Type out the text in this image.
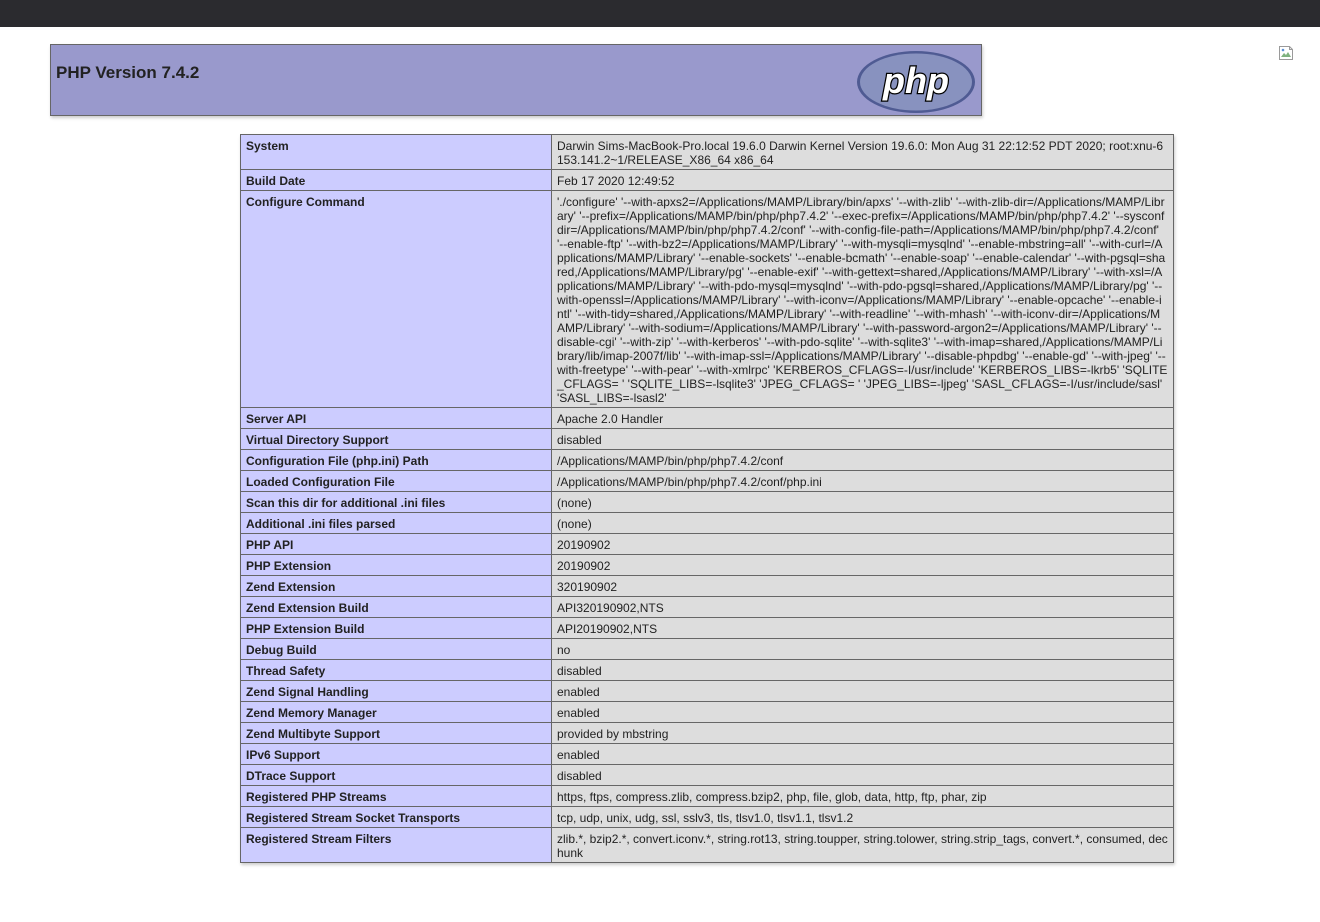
PHP Version 7.4.2	php
System	Darwin Sims-MacBook-Pro.local 19.6.0 Darwin Kernel Version 19.6.0: Mon Aug 31 22:12:52 PDT 2020; root:xnu-6153.141.2~1/RELEASE_X86_64 x86_64
Build Date	Feb 17 2020 12:49:52
Configure Command	'./configure' '--with-apxs2=/Applications/MAMP/Library/bin/apxs' '--with-zlib' '--with-zlib-dir=/Applications/MAMP/Library' '--prefix=/Applications/MAMP/bin/php/php7.4.2' '--exec-prefix=/Applications/MAMP/bin/php/php7.4.2' '--sysconfdir=/Applications/MAMP/bin/php/php7.4.2/conf' '--with-config-file-path=/Applications/MAMP/bin/php/php7.4.2/conf' '--enable-ftp' '--with-bz2=/Applications/MAMP/Library' '--with-mysqli=mysqlnd' '--enable-mbstring=all' '--with-curl=/Applications/MAMP/Library' '--enable-sockets' '--enable-bcmath' '--enable-soap' '--enable-calendar' '--with-pgsql=shared,/Applications/MAMP/Library/pg' '--enable-exif' '--with-gettext=shared,/Applications/MAMP/Library' '--with-xsl=/Applications/MAMP/Library' '--with-pdo-mysql=mysqlnd' '--with-pdo-pgsql=shared,/Applications/MAMP/Library/pg' '--with-openssl=/Applications/MAMP/Library' '--with-iconv=/Applications/MAMP/Library' '--enable-opcache' '--enable-intl' '--with-tidy=shared,/Applications/MAMP/Library' '--with-readline' '--with-mhash' '--with-iconv-dir=/Applications/MAMP/Library' '--with-sodium=/Applications/MAMP/Library' '--with-password-argon2=/Applications/MAMP/Library' '--disable-cgi' '--with-zip' '--with-kerberos' '--with-pdo-sqlite' '--with-sqlite3' '--with-imap=shared,/Applications/MAMP/Library/lib/imap-2007f/lib' '--with-imap-ssl=/Applications/MAMP/Library' '--disable-phpdbg' '--enable-gd' '--with-jpeg' '--with-freetype' '--with-pear' '--with-xmlrpc' 'KERBEROS_CFLAGS=-I/usr/include' 'KERBEROS_LIBS=-lkrb5' 'SQLITE_CFLAGS= ' 'SQLITE_LIBS=-lsqlite3' 'JPEG_CFLAGS= ' 'JPEG_LIBS=-ljpeg' 'SASL_CFLAGS=-I/usr/include/sasl' 'SASL_LIBS=-lsasl2'
Server API	Apache 2.0 Handler
Virtual Directory Support	disabled
Configuration File (php.ini) Path	/Applications/MAMP/bin/php/php7.4.2/conf
Loaded Configuration File	/Applications/MAMP/bin/php/php7.4.2/conf/php.ini
Scan this dir for additional .ini files	(none)
Additional .ini files parsed	(none)
PHP API	20190902
PHP Extension	20190902
Zend Extension	320190902
Zend Extension Build	API320190902,NTS
PHP Extension Build	API20190902,NTS
Debug Build	no
Thread Safety	disabled
Zend Signal Handling	enabled
Zend Memory Manager	enabled
Zend Multibyte Support	provided by mbstring
IPv6 Support	enabled
DTrace Support	disabled
Registered PHP Streams	https, ftps, compress.zlib, compress.bzip2, php, file, glob, data, http, ftp, phar, zip
Registered Stream Socket Transports	tcp, udp, unix, udg, ssl, sslv3, tls, tlsv1.0, tlsv1.1, tlsv1.2
Registered Stream Filters	zlib.*, bzip2.*, convert.iconv.*, string.rot13, string.toupper, string.tolower, string.strip_tags, convert.*, consumed, dechunk
